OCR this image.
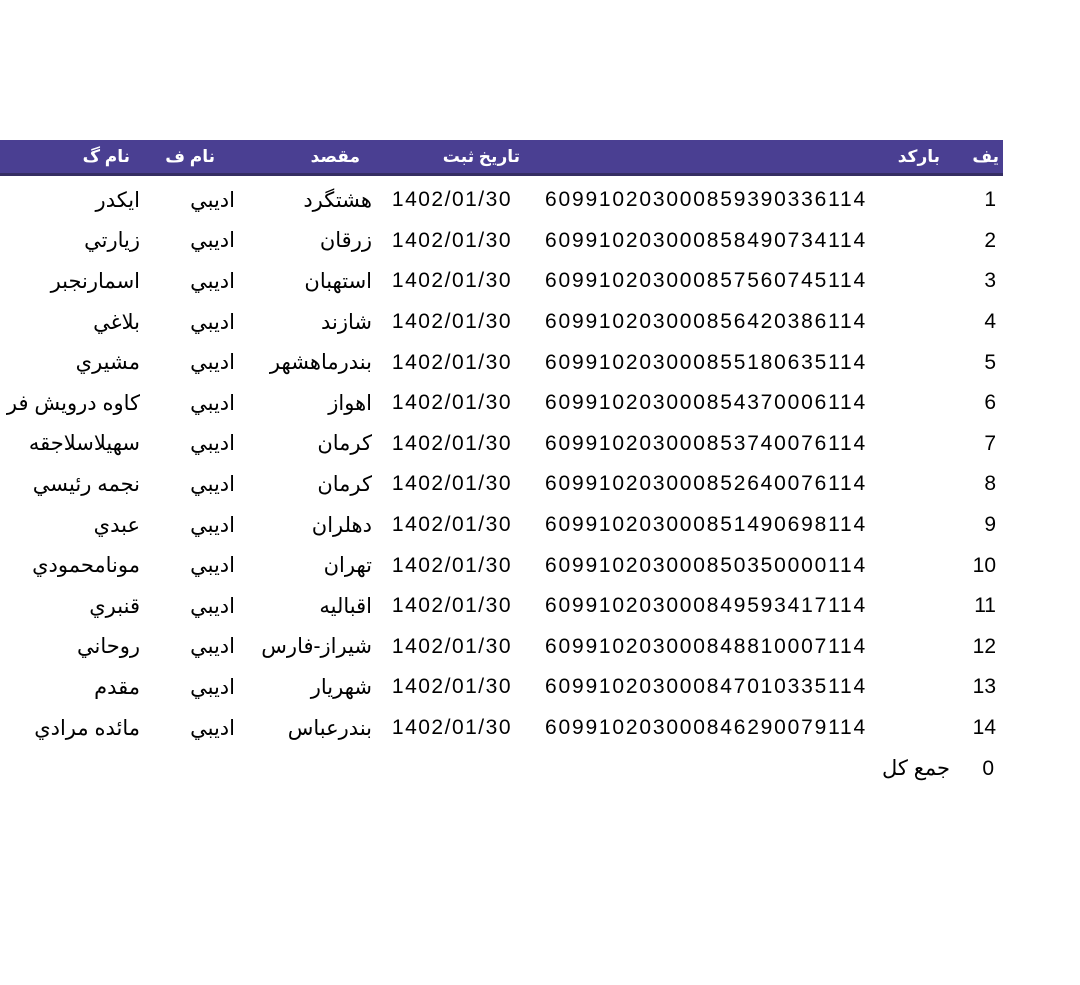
نام گ	نام ف	مقصد	تاريخ ثبت	باركد	يف
ايكدر	اديبي	هشتگرد 1402/01/30	609910203000859390336114	1
زيارتي	اديبي	زرقان 1402/01/30	609910203000858490734114	2
اسمارنجبر	اديبي	استهبان 1402/01/30	609910203000857560745114	3
بلاغي	اديبي	شازند 1402/01/30	609910203000856420386114	4
مشيري	اديبي	بندرماهشهر 1402/01/30	609910203000855180635114	5
كاوه درويش فر	اديبي	اهواز 1402/01/30	609910203000854370006114	6
سهيلاسلاجقه	اديبي	كرمان 1402/01/30	609910203000853740076114	7
نجمه رئيسي	اديبي	كرمان 1402/01/30	609910203000852640076114	8
عبدي	اديبي	دهلران 1402/01/30	609910203000851490698114	9
مونامحمودي	اديبي	تهران 1402/01/30	609910203000850350000114	10
قنبري	اديبي	اقباليه 1402/01/30	609910203000849593417114	11
روحاني	اديبي	شيراز-فارس 1402/01/30	609910203000848810007114	12
مقدم	اديبي	شهريار 1402/01/30	609910203000847010335114	13
مائده مرادي	اديبي	بندرعباس 1402/01/30	609910203000846290079114	14
جمع كل	0
